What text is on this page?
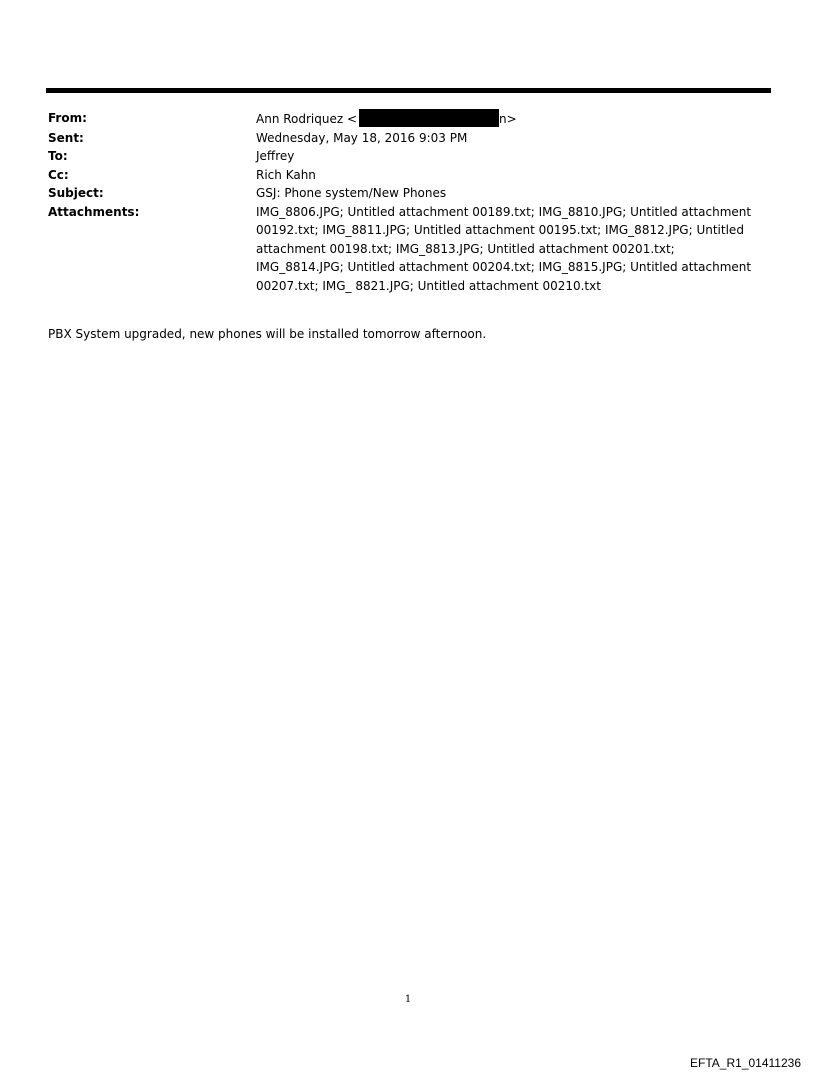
From:	Ann Rodriquez <	n>
Sent:	Wednesday, May 18, 2016 9:03 PM
To:	Jeffrey
Cc:	Rich Kahn
Subject:	GSJ: Phone system/New Phones
Attachments:	IMG_8806.JPG; Untitled attachment 00189.txt; IMG_8810.JPG; Untitled attachment 00192.txt; IMG_8811.JPG; Untitled attachment 00195.txt; IMG_8812.JPG; Untitled attachment 00198.txt; IMG_8813.JPG; Untitled attachment 00201.txt; IMG_8814.JPG; Untitled attachment 00204.txt; IMG_8815.JPG; Untitled attachment 00207.txt; IMG_ 8821.JPG; Untitled attachment 00210.txt
PBX System upgraded, new phones will be installed tomorrow afternoon.
1
EFTA_R1_01411236
